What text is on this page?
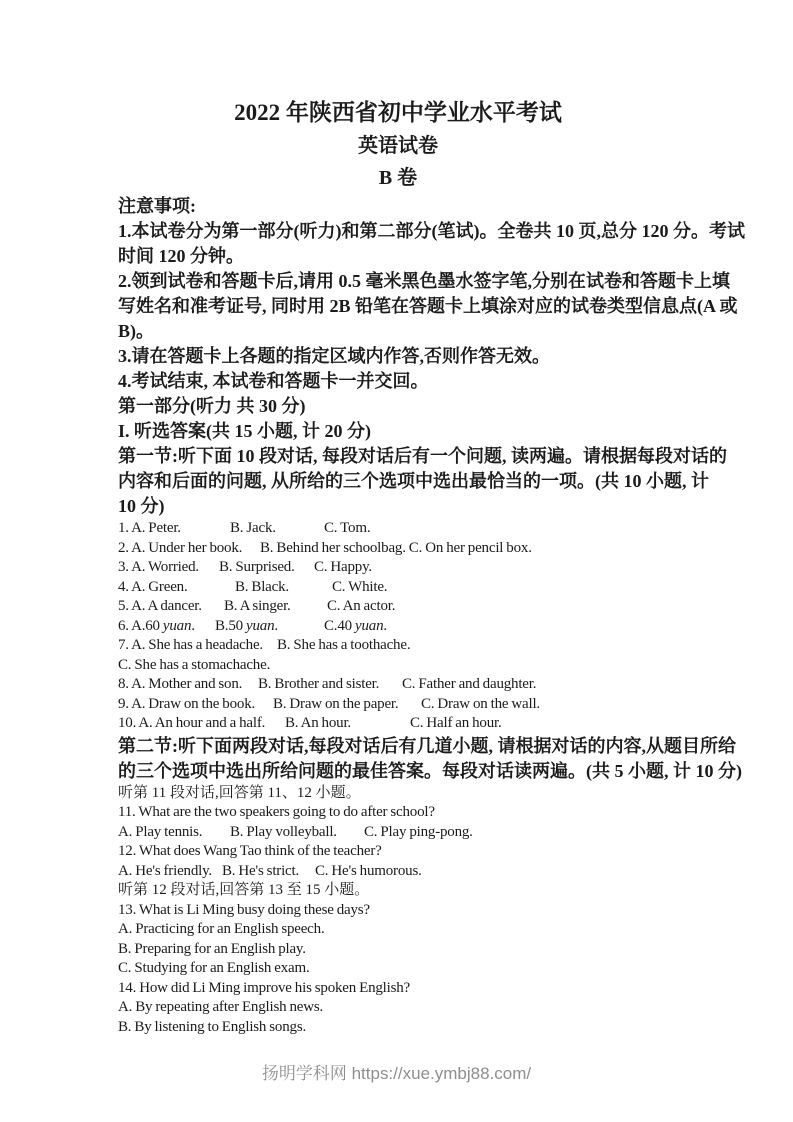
2022 年陕西省初中学业水平考试
英语试卷
B 卷
注意事项:
1.本试卷分为第一部分(听力)和第二部分(笔试)。全卷共 10 页,总分 120 分。考试
时间 120 分钟。
2.领到试卷和答题卡后,请用 0.5 毫米黑色墨水签字笔,分别在试卷和答题卡上填
写姓名和准考证号, 同时用 2B 铅笔在答题卡上填涂对应的试卷类型信息点(A 或
B)。
3.请在答题卡上各题的指定区域内作答,否则作答无效。
4.考试结束, 本试卷和答题卡一并交回。
第一部分(听力 共 30 分)
I. 听选答案(共 15 小题, 计 20 分)
第一节:听下面 10 段对话, 每段对话后有一个问题, 读两遍。请根据每段对话的
内容和后面的问题, 从所给的三个选项中选出最恰当的一项。(共 10 小题, 计
10 分)
1. A. Peter.	B. Jack.	C. Tom.
2. A. Under her book. B. Behind her schoolbag. C. On her pencil box.
3. A. Worried. B. Surprised. C. Happy.
4. A. Green.	B. Black.	C. White.
5. A. A dancer. B. A singer. C. An actor.
6. A.60 yuan. B.50 yuan.	C.40 yuan.
7. A. She has a headache. B. She has a toothache.
C. She has a stomachache.
8. A. Mother and son. B. Brother and sister. C. Father and daughter.
9. A. Draw on the book. B. Draw on the paper. C. Draw on the wall.
10. A. An hour and a half. B. An hour.	C. Half an hour.
第二节:听下面两段对话,每段对话后有几道小题, 请根据对话的内容,从题目所给
的三个选项中选出所给问题的最佳答案。每段对话读两遍。(共 5 小题, 计 10 分)
听第 11 段对话,回答第 11、12 小题。
11. What are the two speakers going to do after school?
A. Play tennis. B. Play volleyball. C. Play ping-pong.
12. What does Wang Tao think of the teacher?
A. He's friendly. B. He's strict. C. He's humorous.
听第 12 段对话,回答第 13 至 15 小题。
13. What is Li Ming busy doing these days?
A. Practicing for an English speech.
B. Preparing for an English play.
C. Studying for an English exam.
14. How did Li Ming improve his spoken English?
A. By repeating after English news.
B. By listening to English songs.
扬明学科网 https://xue.ymbj88.com/
